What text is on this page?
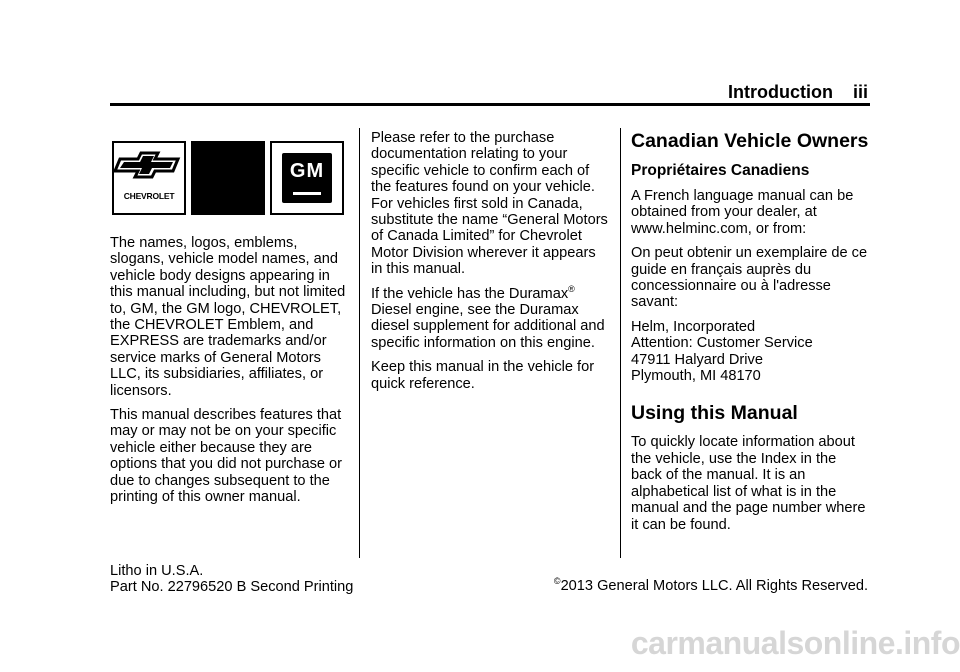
Introduction iii
CHEVROLET
GM

The names, logos, emblems, slogans, vehicle model names, and vehicle body designs appearing in this manual including, but not limited to, GM, the GM logo, CHEVROLET, the CHEVROLET Emblem, and EXPRESS are trademarks and/or service marks of General Motors LLC, its subsidiaries, affiliates, or licensors.

This manual describes features that may or may not be on your specific vehicle either because they are options that you did not purchase or due to changes subsequent to the printing of this owner manual.

Please refer to the purchase documentation relating to your specific vehicle to confirm each of the features found on your vehicle. For vehicles first sold in Canada, substitute the name “General Motors of Canada Limited” for Chevrolet Motor Division wherever it appears in this manual.

If the vehicle has the Duramax® Diesel engine, see the Duramax diesel supplement for additional and specific information on this engine.

Keep this manual in the vehicle for quick reference.

Canadian Vehicle Owners
Propriétaires Canadiens

A French language manual can be obtained from your dealer, at www.helminc.com, or from:

On peut obtenir un exemplaire de ce guide en français auprès du concessionnaire ou à l'adresse savant:

Helm, Incorporated
Attention: Customer Service
47911 Halyard Drive
Plymouth, MI 48170

Using this Manual

To quickly locate information about the vehicle, use the Index in the back of the manual. It is an alphabetical list of what is in the manual and the page number where it can be found.

Litho in U.S.A.
Part No. 22796520 B Second Printing	©2013 General Motors LLC. All Rights Reserved.
carmanualsonline.info
